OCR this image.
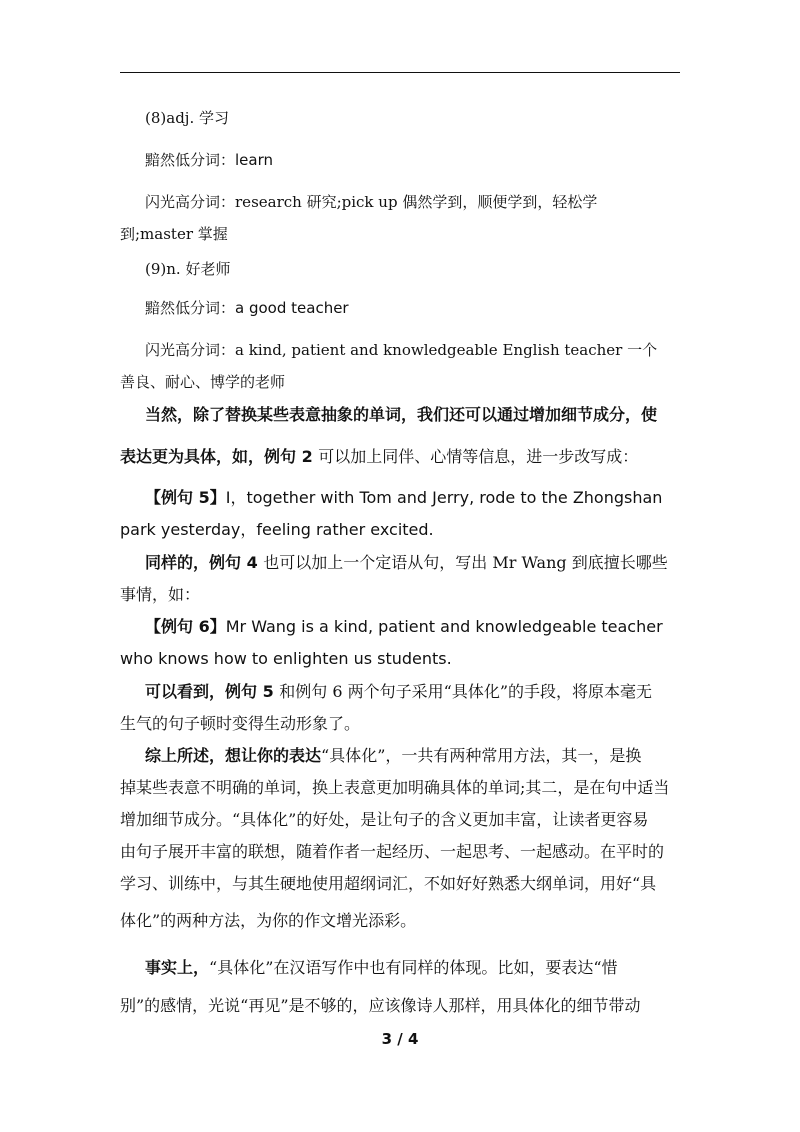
(8)adj. 学习
黯然低分词：learn
闪光高分词：research 研究;pick up 偶然学到，顺便学到，轻松学
到;master 掌握
(9)n. 好老师
黯然低分词：a good teacher
闪光高分词：a kind, patient and knowledgeable English teacher 一个
善良、耐心、博学的老师
当然，除了替换某些表意抽象的单词，我们还可以通过增加细节成分，使
表达更为具体，如，例句 2 可以加上同伴、心情等信息，进一步改写成：
【例句 5】I，together with Tom and Jerry, rode to the Zhongshan
park yesterday，feeling rather excited.
同样的，例句 4 也可以加上一个定语从句，写出 Mr Wang 到底擅长哪些
事情，如：
【例句 6】Mr Wang is a kind, patient and knowledgeable teacher
who knows how to enlighten us students.
可以看到，例句 5 和例句 6 两个句子采用“具体化”的手段，将原本毫无
生气的句子顿时变得生动形象了。
综上所述，想让你的表达“具体化”，一共有两种常用方法，其一，是换
掉某些表意不明确的单词，换上表意更加明确具体的单词;其二，是在句中适当
增加细节成分。“具体化”的好处，是让句子的含义更加丰富，让读者更容易
由句子展开丰富的联想，随着作者一起经历、一起思考、一起感动。在平时的
学习、训练中，与其生硬地使用超纲词汇，不如好好熟悉大纲单词，用好“具
体化”的两种方法，为你的作文增光添彩。
事实上，“具体化”在汉语写作中也有同样的体现。比如，要表达“惜
别”的感情，光说“再见”是不够的，应该像诗人那样，用具体化的细节带动
3 / 4
